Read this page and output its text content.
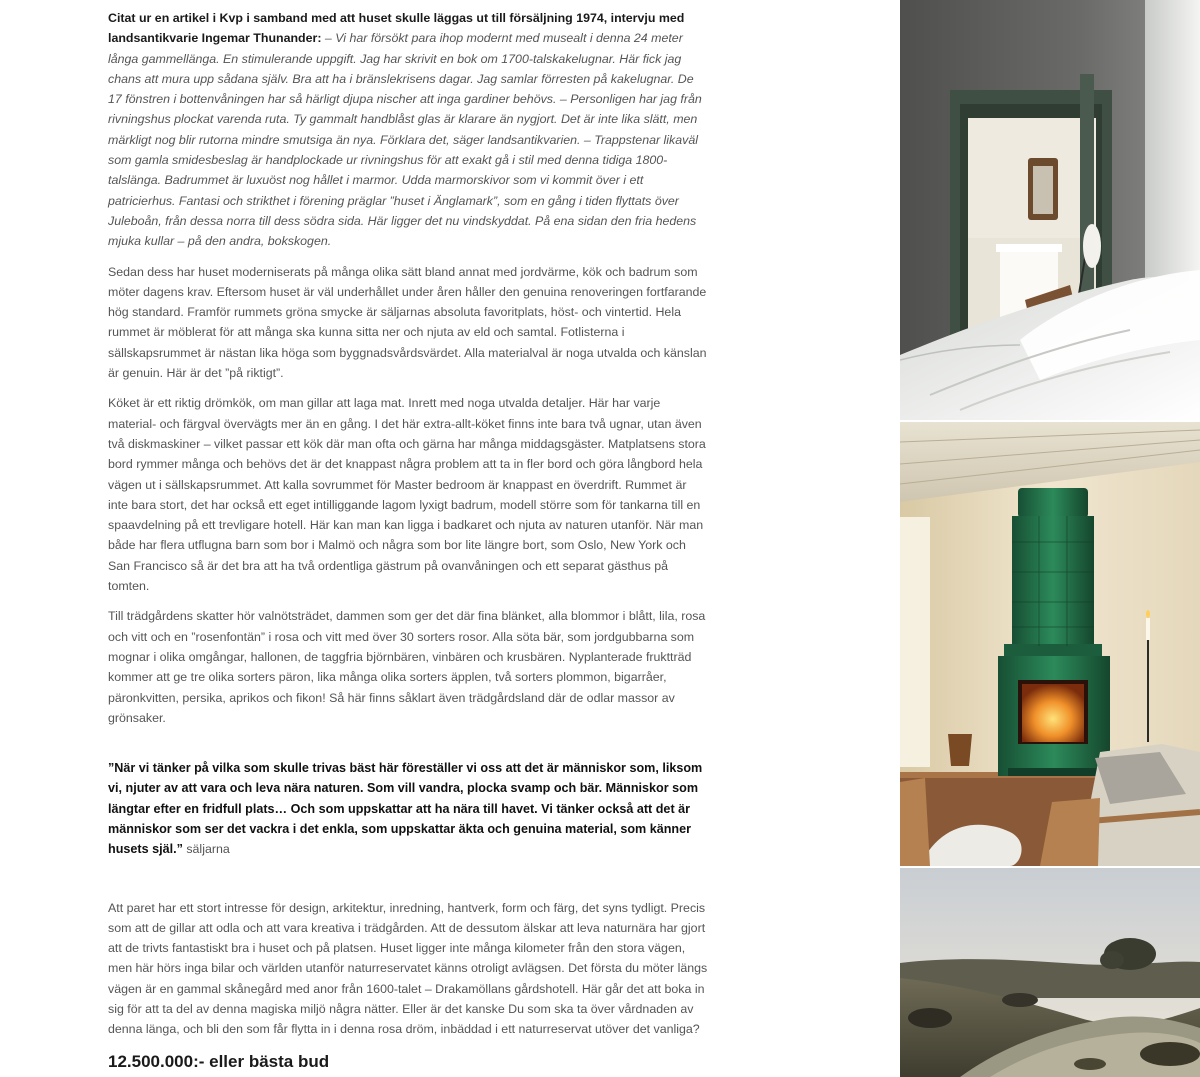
Citat ur en artikel i Kvp i samband med att huset skulle läggas ut till försäljning 1974, intervju med landsantikvarie Ingemar Thunander: – Vi har försökt para ihop modernt med musealt i denna 24 meter långa gammellänga. En stimulerande uppgift. Jag har skrivit en bok om 1700-talskakelugnar. Här fick jag chans att mura upp sådana själv. Bra att ha i bränslekrisens dagar. Jag samlar förresten på kakelugnar. De 17 fönstren i bottenvåningen har så härligt djupa nischer att inga gardiner behövs. – Personligen har jag från rivningshus plockat varenda ruta. Ty gammalt handblåst glas är klarare än nygjort. Det är inte lika slätt, men märkligt nog blir rutorna mindre smutsiga än nya. Förklara det, säger landsantikvarien. – Trappstenar likaväl som gamla smidesbeslag är handplockade ur rivningshus för att exakt gå i stil med denna tidiga 1800-talslänga. Badrummet är luxuöst nog hållet i marmor. Udda marmorskivor som vi kommit över i ett patricierhus. Fantasi och strikthet i förening präglar ”huset i Änglamark”, som en gång i tiden flyttats över Juleboån, från dessa norra till dess södra sida. Här ligger det nu vindskyddat. På ena sidan den fria hedens mjuka kullar – på den andra, bokskogen.

Sedan dess har huset moderniserats på många olika sätt bland annat med jordvärme, kök och badrum som möter dagens krav. Eftersom huset är väl underhållet under åren håller den genuina renoveringen fortfarande hög standard. Framför rummets gröna smycke är säljarnas absoluta favoritplats, höst- och vintertid. Hela rummet är möblerat för att många ska kunna sitta ner och njuta av eld och samtal. Fotlisterna i sällskapsrummet är nästan lika höga som byggnadsvårdsvärdet. Alla materialval är noga utvalda och känslan är genuin. Här är det ”på riktigt”.

Köket är ett riktig drömkök, om man gillar att laga mat. Inrett med noga utvalda detaljer. Här har varje material- och färgval övervägts mer än en gång. I det här extra-allt-köket finns inte bara två ugnar, utan även två diskmaskiner – vilket passar ett kök där man ofta och gärna har många middagsgäster. Matplatsens stora bord rymmer många och behövs det är det knappast några problem att ta in fler bord och göra långbord hela vägen ut i sällskapsrummet. Att kalla sovrummet för Master bedroom är knappast en överdrift. Rummet är inte bara stort, det har också ett eget intilliggande lagom lyxigt badrum, modell större som för tankarna till en spaavdelning på ett trevligare hotell. Här kan man kan ligga i badkaret och njuta av naturen utanför. När man både har flera utflugna barn som bor i Malmö och några som bor lite längre bort, som Oslo, New York och San Francisco så är det bra att ha två ordentliga gästrum på ovanvåningen och ett separat gästhus på tomten.

Till trädgårdens skatter hör valnötsträdet, dammen som ger det där fina blänket, alla blommor i blått, lila, rosa och vitt och en ”rosenfontän” i rosa och vitt med över 30 sorters rosor. Alla söta bär, som jordgubbarna som mognar i olika omgångar, hallonen, de taggfria björnbären, vinbären och krusbären. Nyplanterade fruktträd kommer att ge tre olika sorters päron, lika många olika sorters äpplen, två sorters plommon, bigarråer, päronkvitten, persika, aprikos och fikon! Så här finns såklart även trädgårdsland där de odlar massor av grönsaker.

”När vi tänker på vilka som skulle trivas bäst här föreställer vi oss att det är människor som, liksom vi, njuter av att vara och leva nära naturen. Som vill vandra, plocka svamp och bär. Människor som längtar efter en fridfull plats… Och som uppskattar att ha nära till havet. Vi tänker också att det är människor som ser det vackra i det enkla, som uppskattar äkta och genuina material, som känner husets själ.” säljarna

Att paret har ett stort intresse för design, arkitektur, inredning, hantverk, form och färg, det syns tydligt. Precis som att de gillar att odla och att vara kreativa i trädgården. Att de dessutom älskar att leva naturnära har gjort att de trivts fantastiskt bra i huset och på platsen. Huset ligger inte många kilometer från den stora vägen, men här hörs inga bilar och världen utanför naturreservatet känns otroligt avlägsen. Det första du möter längs vägen är en gammal skånegård med anor från 1600-talet – Drakamöllans gårdshotell. Här går det att boka in sig för att ta del av denna magiska miljö några nätter. Eller är det kanske Du som ska ta över vårdnaden av denna länga, och bli den som får flytta in i denna rosa dröm, inbäddad i ett naturreservat utöver det vanliga?

12.500.000:- eller bästa bud
